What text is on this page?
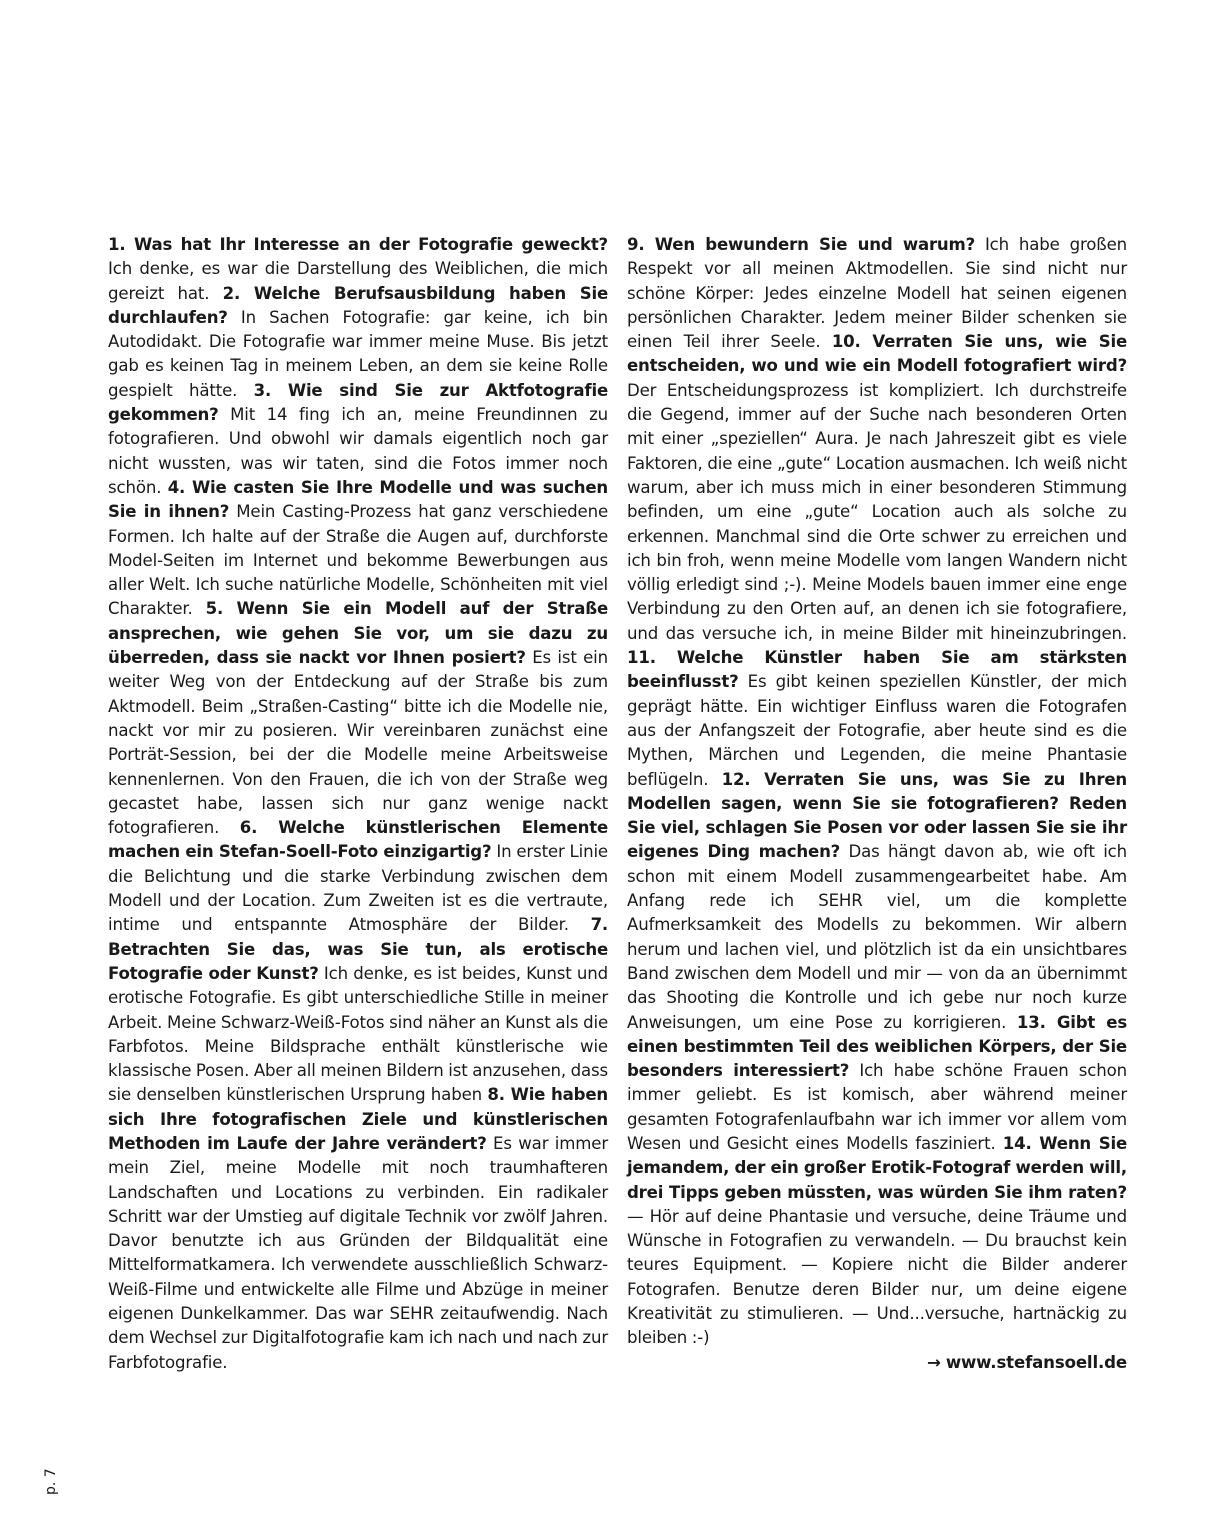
1. Was hat Ihr Interesse an der Fotografie geweckt? Ich denke, es war die Darstellung des Weiblichen, die mich gereizt hat. 2. Welche Berufsausbildung haben Sie durchlaufen? In Sachen Fotografie: gar keine, ich bin Autodidakt. Die Fotografie war immer meine Muse. Bis jetzt gab es keinen Tag in meinem Leben, an dem sie keine Rolle gespielt hätte. 3. Wie sind Sie zur Aktfotografie gekommen? Mit 14 fing ich an, meine Freundinnen zu fotografieren. Und obwohl wir damals eigentlich noch gar nicht wussten, was wir taten, sind die Fotos immer noch schön. 4. Wie casten Sie Ihre Modelle und was suchen Sie in ihnen? Mein Casting-Prozess hat ganz verschiedene Formen. Ich halte auf der Straße die Augen auf, durchforste Model-Seiten im Internet und bekomme Bewerbungen aus aller Welt. Ich suche natürliche Modelle, Schönheiten mit viel Charakter. 5. Wenn Sie ein Modell auf der Straße ansprechen, wie gehen Sie vor, um sie dazu zu überreden, dass sie nackt vor Ihnen posiert? Es ist ein weiter Weg von der Entdeckung auf der Straße bis zum Aktmodell. Beim „Straßen-Casting“ bitte ich die Modelle nie, nackt vor mir zu posieren. Wir vereinbaren zunächst eine Porträt-Session, bei der die Modelle meine Arbeitsweise kennenlernen. Von den Frauen, die ich von der Straße weg gecastet habe, lassen sich nur ganz wenige nackt fotografieren. 6. Welche künstlerischen Elemente machen ein Stefan-Soell-Foto einzigartig? In erster Linie die Belichtung und die starke Verbindung zwischen dem Modell und der Location. Zum Zweiten ist es die vertraute, intime und entspannte Atmosphäre der Bilder. 7. Betrachten Sie das, was Sie tun, als erotische Fotografie oder Kunst? Ich denke, es ist beides, Kunst und erotische Fotografie. Es gibt unterschiedliche Stille in meiner Arbeit. Meine Schwarz-Weiß-Fotos sind näher an Kunst als die Farbfotos. Meine Bildsprache enthält künstlerische wie klassische Posen. Aber all meinen Bildern ist anzusehen, dass sie denselben künstlerischen Ursprung haben 8. Wie haben sich Ihre fotografischen Ziele und künstlerischen Methoden im Laufe der Jahre verändert? Es war immer mein Ziel, meine Modelle mit noch traumhafteren Landschaften und Locations zu verbinden. Ein radikaler Schritt war der Umstieg auf digitale Technik vor zwölf Jahren. Davor benutzte ich aus Gründen der Bildqualität eine Mittelformatkamera. Ich verwendete ausschließlich Schwarz-Weiß-Filme und entwickelte alle Filme und Abzüge in meiner eigenen Dunkelkammer. Das war SEHR zeitaufwendig. Nach dem Wechsel zur Digitalfotografie kam ich nach und nach zur Farbfotografie.
9. Wen bewundern Sie und warum? Ich habe großen Respekt vor all meinen Aktmodellen. Sie sind nicht nur schöne Körper: Jedes einzelne Modell hat seinen eigenen persönlichen Charakter. Jedem meiner Bilder schenken sie einen Teil ihrer Seele. 10. Verraten Sie uns, wie Sie entscheiden, wo und wie ein Modell fotografiert wird? Der Entscheidungsprozess ist kompliziert. Ich durchstreife die Gegend, immer auf der Suche nach besonderen Orten mit einer „speziellen“ Aura. Je nach Jahreszeit gibt es viele Faktoren, die eine „gute“ Location ausmachen. Ich weiß nicht warum, aber ich muss mich in einer besonderen Stimmung befinden, um eine „gute“ Location auch als solche zu erkennen. Manchmal sind die Orte schwer zu erreichen und ich bin froh, wenn meine Modelle vom langen Wandern nicht völlig erledigt sind ;-). Meine Models bauen immer eine enge Verbindung zu den Orten auf, an denen ich sie fotografiere, und das versuche ich, in meine Bilder mit hineinzubringen. 11. Welche Künstler haben Sie am stärksten beeinflusst? Es gibt keinen speziellen Künstler, der mich geprägt hätte. Ein wichtiger Einfluss waren die Fotografen aus der Anfangszeit der Fotografie, aber heute sind es die Mythen, Märchen und Legenden, die meine Phantasie beflügeln. 12. Verraten Sie uns, was Sie zu Ihren Modellen sagen, wenn Sie sie fotografieren? Reden Sie viel, schlagen Sie Posen vor oder lassen Sie sie ihr eigenes Ding machen? Das hängt davon ab, wie oft ich schon mit einem Modell zusammengearbeitet habe. Am Anfang rede ich SEHR viel, um die komplette Aufmerksamkeit des Modells zu bekommen. Wir albern herum und lachen viel, und plötzlich ist da ein unsichtbares Band zwischen dem Modell und mir — von da an übernimmt das Shooting die Kontrolle und ich gebe nur noch kurze Anweisungen, um eine Pose zu korrigieren. 13. Gibt es einen bestimmten Teil des weiblichen Körpers, der Sie besonders interessiert? Ich habe schöne Frauen schon immer geliebt. Es ist komisch, aber während meiner gesamten Fotografenlaufbahn war ich immer vor allem vom Wesen und Gesicht eines Modells fasziniert. 14. Wenn Sie jemandem, der ein großer Erotik-Fotograf werden will, drei Tipps geben müssten, was würden Sie ihm raten? — Hör auf deine Phantasie und versuche, deine Träume und Wünsche in Fotografien zu verwandeln. — Du brauchst kein teures Equipment. — Kopiere nicht die Bilder anderer Fotografen. Benutze deren Bilder nur, um deine eigene Kreativität zu stimulieren. — Und...versuche, hartnäckig zu bleiben :-)
→ www.stefansoell.de
p. 7
